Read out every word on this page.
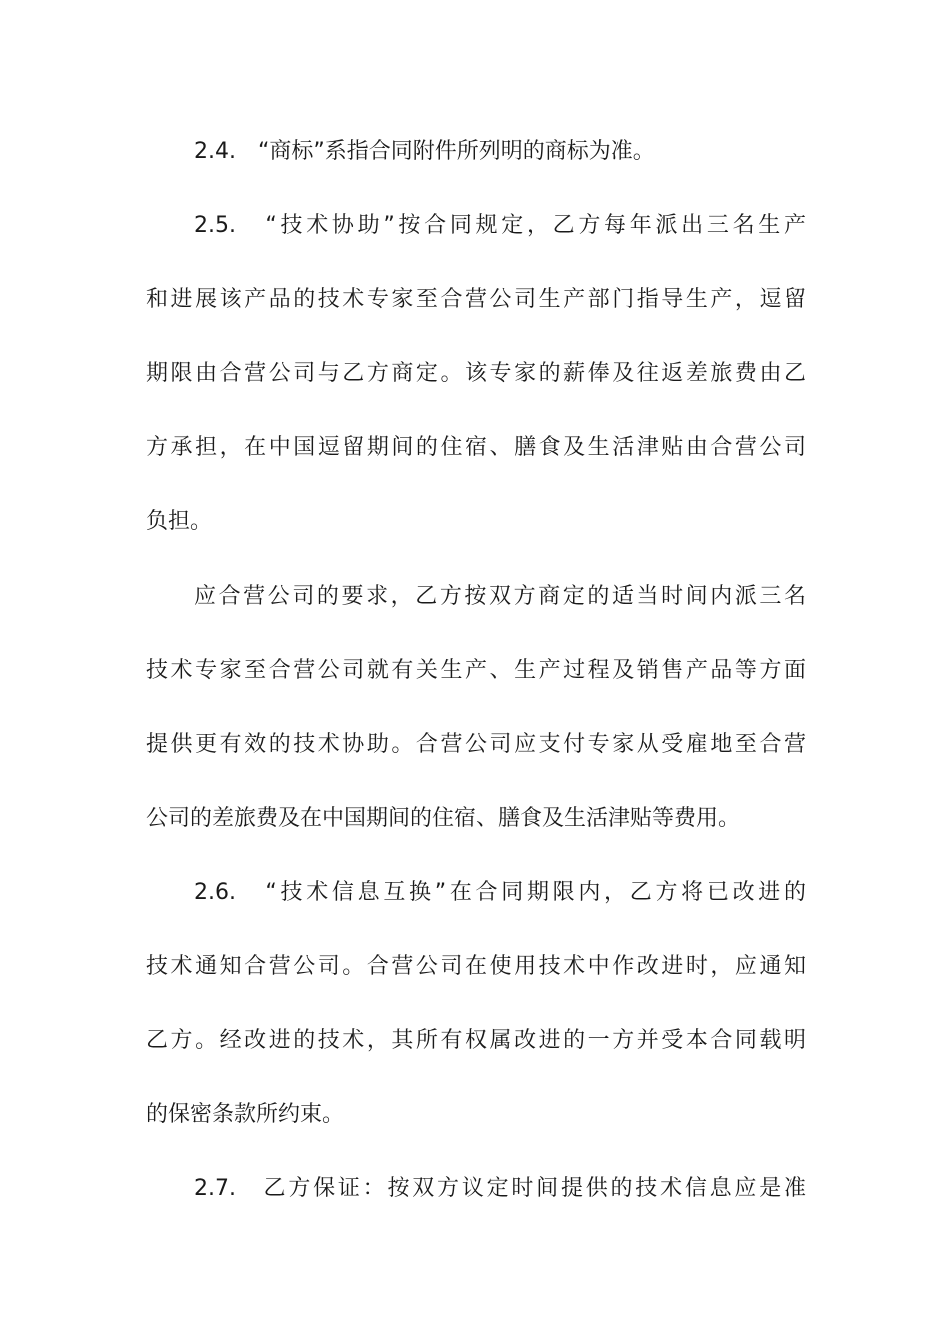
2.4.　“商标”系指合同附件所列明的商标为准。
2.5.　“技术协助”按合同规定，乙方每年派出三名生产
和进展该产品的技术专家至合营公司生产部门指导生产，逗留
期限由合营公司与乙方商定。该专家的薪俸及往返差旅费由乙
方承担，在中国逗留期间的住宿、膳食及生活津贴由合营公司
负担。
应合营公司的要求，乙方按双方商定的适当时间内派三名
技术专家至合营公司就有关生产、生产过程及销售产品等方面
提供更有效的技术协助。合营公司应支付专家从受雇地至合营
公司的差旅费及在中国期间的住宿、膳食及生活津贴等费用。
2.6.　“技术信息互换”在合同期限内，乙方将已改进的
技术通知合营公司。合营公司在使用技术中作改进时，应通知
乙方。经改进的技术，其所有权属改进的一方并受本合同载明
的保密条款所约束。
2.7.　乙方保证：按双方议定时间提供的技术信息应是准
